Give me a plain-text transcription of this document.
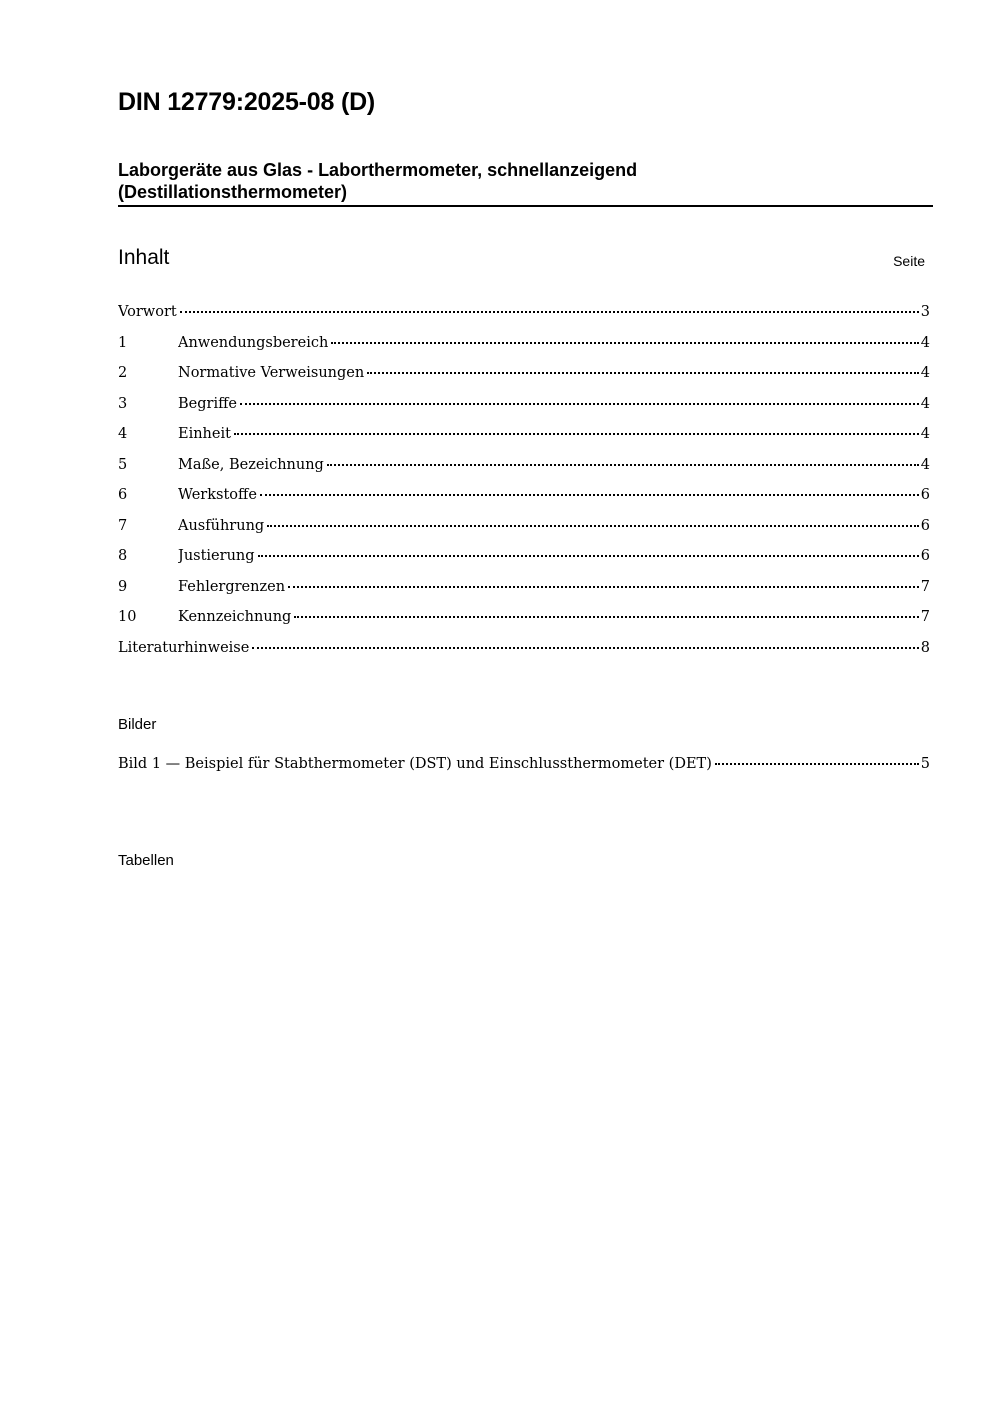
DIN 12779:2025-08 (D)
Laborgeräte aus Glas - Laborthermometer, schnellanzeigend
(Destillationsthermometer)
Inhalt	Seite
Vorwort	3
1	Anwendungsbereich	4
2	Normative Verweisungen	4
3	Begriffe	4
4	Einheit	4
5	Maße, Bezeichnung	4
6	Werkstoffe	6
7	Ausführung	6
8	Justierung	6
9	Fehlergrenzen	7
10	Kennzeichnung	7
Literaturhinweise	8
Bilder
Bild 1 — Beispiel für Stabthermometer (DST) und Einschlussthermometer (DET)	5
Tabellen
